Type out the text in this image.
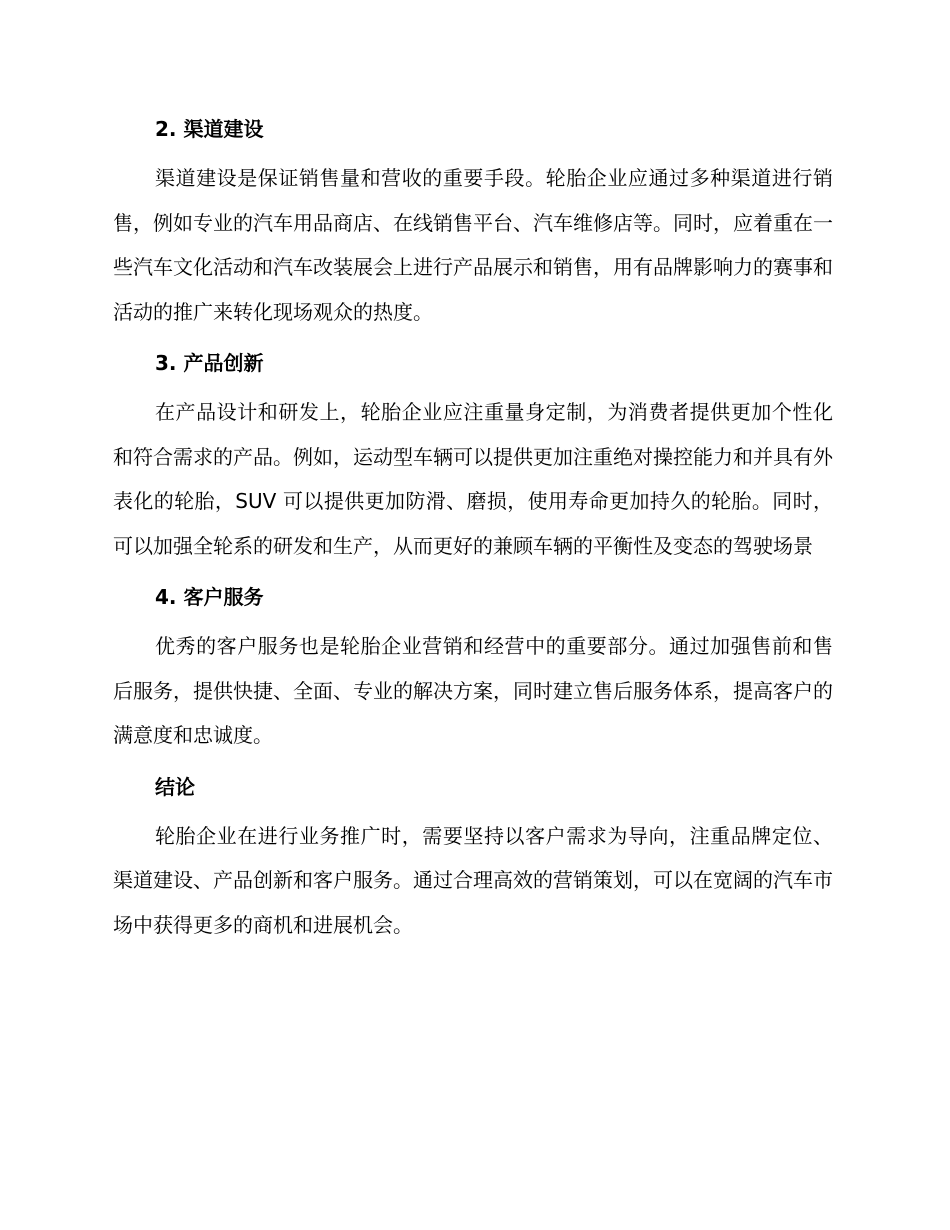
2. 渠道建设

渠道建设是保证销售量和营收的重要手段。轮胎企业应通过多种渠道进行销售，例如专业的汽车用品商店、在线销售平台、汽车维修店等。同时，应着重在一些汽车文化活动和汽车改装展会上进行产品展示和销售，用有品牌影响力的赛事和活动的推广来转化现场观众的热度。

3. 产品创新

在产品设计和研发上，轮胎企业应注重量身定制，为消费者提供更加个性化和符合需求的产品。例如，运动型车辆可以提供更加注重绝对操控能力和并具有外表化的轮胎，SUV 可以提供更加防滑、磨损，使用寿命更加持久的轮胎。同时，可以加强全轮系的研发和生产，从而更好的兼顾车辆的平衡性及变态的驾驶场景

4. 客户服务

优秀的客户服务也是轮胎企业营销和经营中的重要部分。通过加强售前和售后服务，提供快捷、全面、专业的解决方案，同时建立售后服务体系，提高客户的满意度和忠诚度。

结论

轮胎企业在进行业务推广时，需要坚持以客户需求为导向，注重品牌定位、渠道建设、产品创新和客户服务。通过合理高效的营销策划，可以在宽阔的汽车市场中获得更多的商机和进展机会。
